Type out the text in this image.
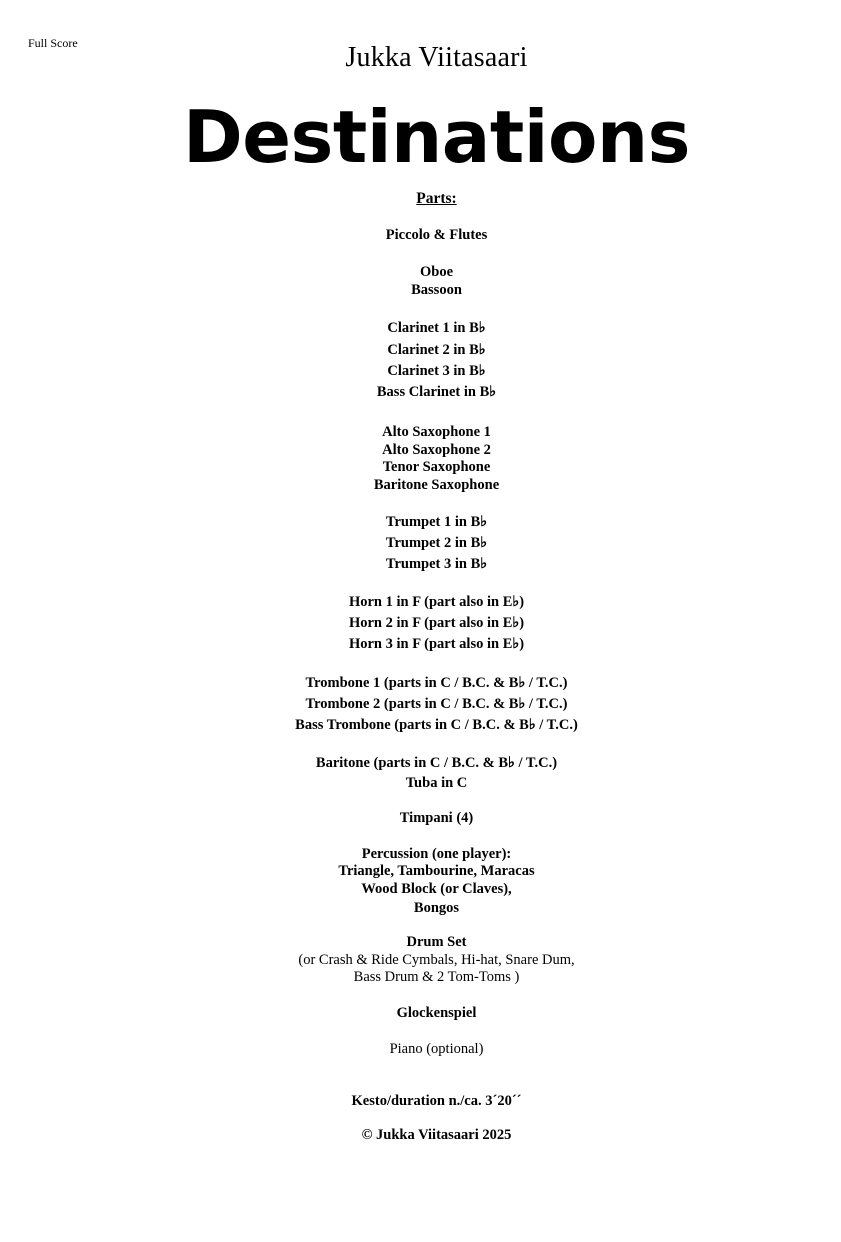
Full Score	Jukka Viitasaari
Destinations
Parts:
Piccolo & Flutes
Oboe
Bassoon
Clarinet 1 in B♭
Clarinet 2 in B♭
Clarinet 3 in B♭
Bass Clarinet in B♭
Alto Saxophone 1
Alto Saxophone 2
Tenor Saxophone
Baritone Saxophone
Trumpet 1 in B♭
Trumpet 2 in B♭
Trumpet 3 in B♭
Horn 1 in F (part also in E♭)
Horn 2 in F (part also in E♭)
Horn 3 in F (part also in E♭)
Trombone 1 (parts in C / B.C. & B♭ / T.C.)
Trombone 2 (parts in C / B.C. & B♭ / T.C.)
Bass Trombone (parts in C / B.C. & B♭ / T.C.)
Baritone (parts in C / B.C. & B♭ / T.C.)
Tuba in C
Timpani (4)
Percussion (one player):
Triangle, Tambourine, Maracas
Wood Block (or Claves),
Bongos
Drum Set
(or Crash & Ride Cymbals, Hi-hat, Snare Dum,
Bass Drum & 2 Tom-Toms )
Glockenspiel
Piano (optional)
Kesto/duration n./ca. 3´20´´
© Jukka Viitasaari 2025
